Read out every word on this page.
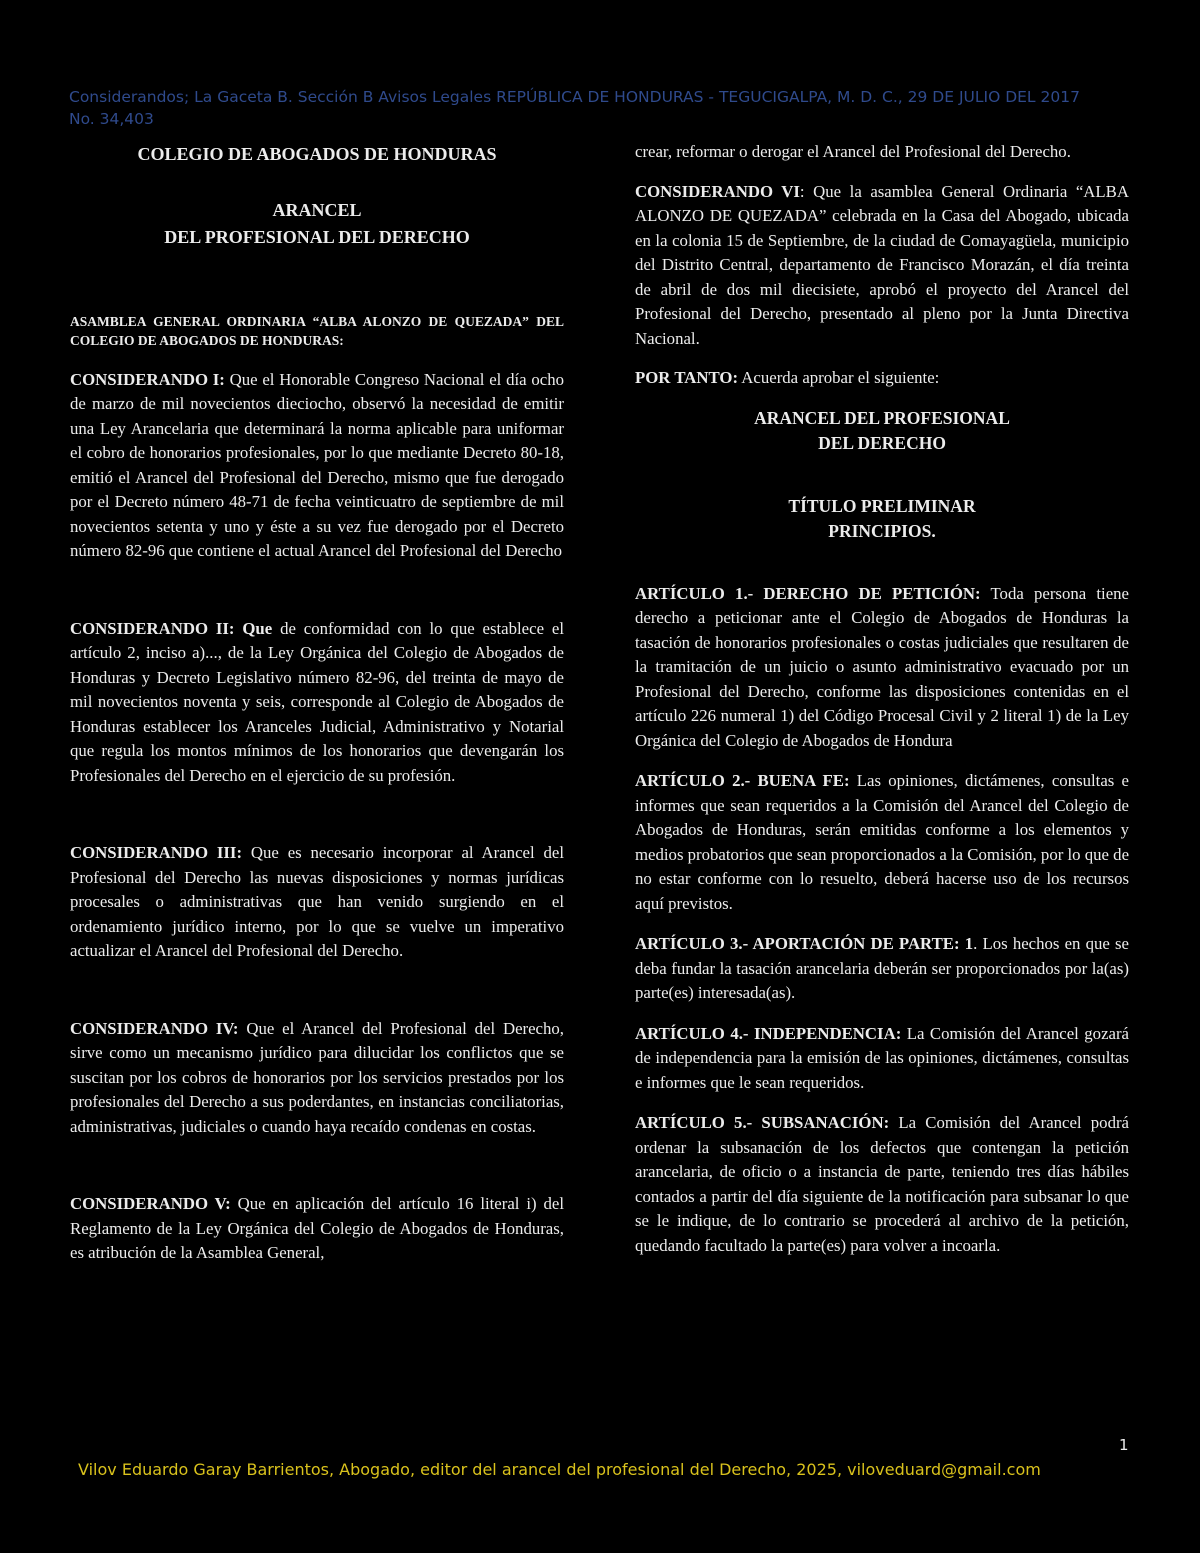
Considerandos; La Gaceta B. Sección B Avisos Legales REPÚBLICA DE HONDURAS - TEGUCIGALPA, M. D. C., 29 DE JULIO DEL 2017 No. 34,403

COLEGIO DE ABOGADOS DE HONDURAS

ARANCEL
DEL PROFESIONAL DEL DERECHO

ASAMBLEA GENERAL ORDINARIA “ALBA ALONZO DE QUEZADA” DEL COLEGIO DE ABOGADOS DE HONDURAS:

CONSIDERANDO I: Que el Honorable Congreso Nacional el día ocho de marzo de mil novecientos dieciocho, observó la necesidad de emitir una Ley Arancelaria que determinará la norma aplicable para uniformar el cobro de honorarios profesionales, por lo que mediante Decreto 80-18, emitió el Arancel del Profesional del Derecho, mismo que fue derogado por el Decreto número 48-71 de fecha veinticuatro de septiembre de mil novecientos setenta y uno y éste a su vez fue derogado por el Decreto número 82-96 que contiene el actual Arancel del Profesional del Derecho

CONSIDERANDO II: Que de conformidad con lo que establece el artículo 2, inciso a)..., de la Ley Orgánica del Colegio de Abogados de Honduras y Decreto Legislativo número 82-96, del treinta de mayo de mil novecientos noventa y seis, corresponde al Colegio de Abogados de Honduras establecer los Aranceles Judicial, Administrativo y Notarial que regula los montos mínimos de los honorarios que devengarán los Profesionales del Derecho en el ejercicio de su profesión.

CONSIDERANDO III: Que es necesario incorporar al Arancel del Profesional del Derecho las nuevas disposiciones y normas jurídicas procesales o administrativas que han venido surgiendo en el ordenamiento jurídico interno, por lo que se vuelve un imperativo actualizar el Arancel del Profesional del Derecho.

CONSIDERANDO IV: Que el Arancel del Profesional del Derecho, sirve como un mecanismo jurídico para dilucidar los conflictos que se suscitan por los cobros de honorarios por los servicios prestados por los profesionales del Derecho a sus poderdantes, en instancias conciliatorias, administrativas, judiciales o cuando haya recaído condenas en costas.

CONSIDERANDO V: Que en aplicación del artículo 16 literal i) del Reglamento de la Ley Orgánica del Colegio de Abogados de Honduras, es atribución de la Asamblea General,

crear, reformar o derogar el Arancel del Profesional del Derecho.

CONSIDERANDO VI: Que la asamblea General Ordinaria “ALBA ALONZO DE QUEZADA” celebrada en la Casa del Abogado, ubicada en la colonia 15 de Septiembre, de la ciudad de Comayagüela, municipio del Distrito Central, departamento de Francisco Morazán, el día treinta de abril de dos mil diecisiete, aprobó el proyecto del Arancel del Profesional del Derecho, presentado al pleno por la Junta Directiva Nacional.

POR TANTO: Acuerda aprobar el siguiente:

ARANCEL DEL PROFESIONAL
DEL DERECHO
TÍTULO PRELIMINAR
PRINCIPIOS.

ARTÍCULO 1.- DERECHO DE PETICIÓN: Toda persona tiene derecho a peticionar ante el Colegio de Abogados de Honduras la tasación de honorarios profesionales o costas judiciales que resultaren de la tramitación de un juicio o asunto administrativo evacuado por un Profesional del Derecho, conforme las disposiciones contenidas en el artículo 226 numeral 1) del Código Procesal Civil y 2 literal 1) de la Ley Orgánica del Colegio de Abogados de Hondura

ARTÍCULO 2.- BUENA FE: Las opiniones, dictámenes, consultas e informes que sean requeridos a la Comisión del Arancel del Colegio de Abogados de Honduras, serán emitidas conforme a los elementos y medios probatorios que sean proporcionados a la Comisión, por lo que de no estar conforme con lo resuelto, deberá hacerse uso de los recursos aquí previstos.

ARTÍCULO 3.- APORTACIÓN DE PARTE: 1. Los hechos en que se deba fundar la tasación arancelaria deberán ser proporcionados por la(as) parte(es) interesada(as).

ARTÍCULO 4.- INDEPENDENCIA: La Comisión del Arancel gozará de independencia para la emisión de las opiniones, dictámenes, consultas e informes que le sean requeridos.

ARTÍCULO 5.- SUBSANACIÓN: La Comisión del Arancel podrá ordenar la subsanación de los defectos que contengan la petición arancelaria, de oficio o a instancia de parte, teniendo tres días hábiles contados a partir del día siguiente de la notificación para subsanar lo que se le indique, de lo contrario se procederá al archivo de la petición, quedando facultado la parte(es) para volver a incoarla.

1
Vilov Eduardo Garay Barrientos, Abogado, editor del arancel del profesional del Derecho, 2025, viloveduard@gmail.com
